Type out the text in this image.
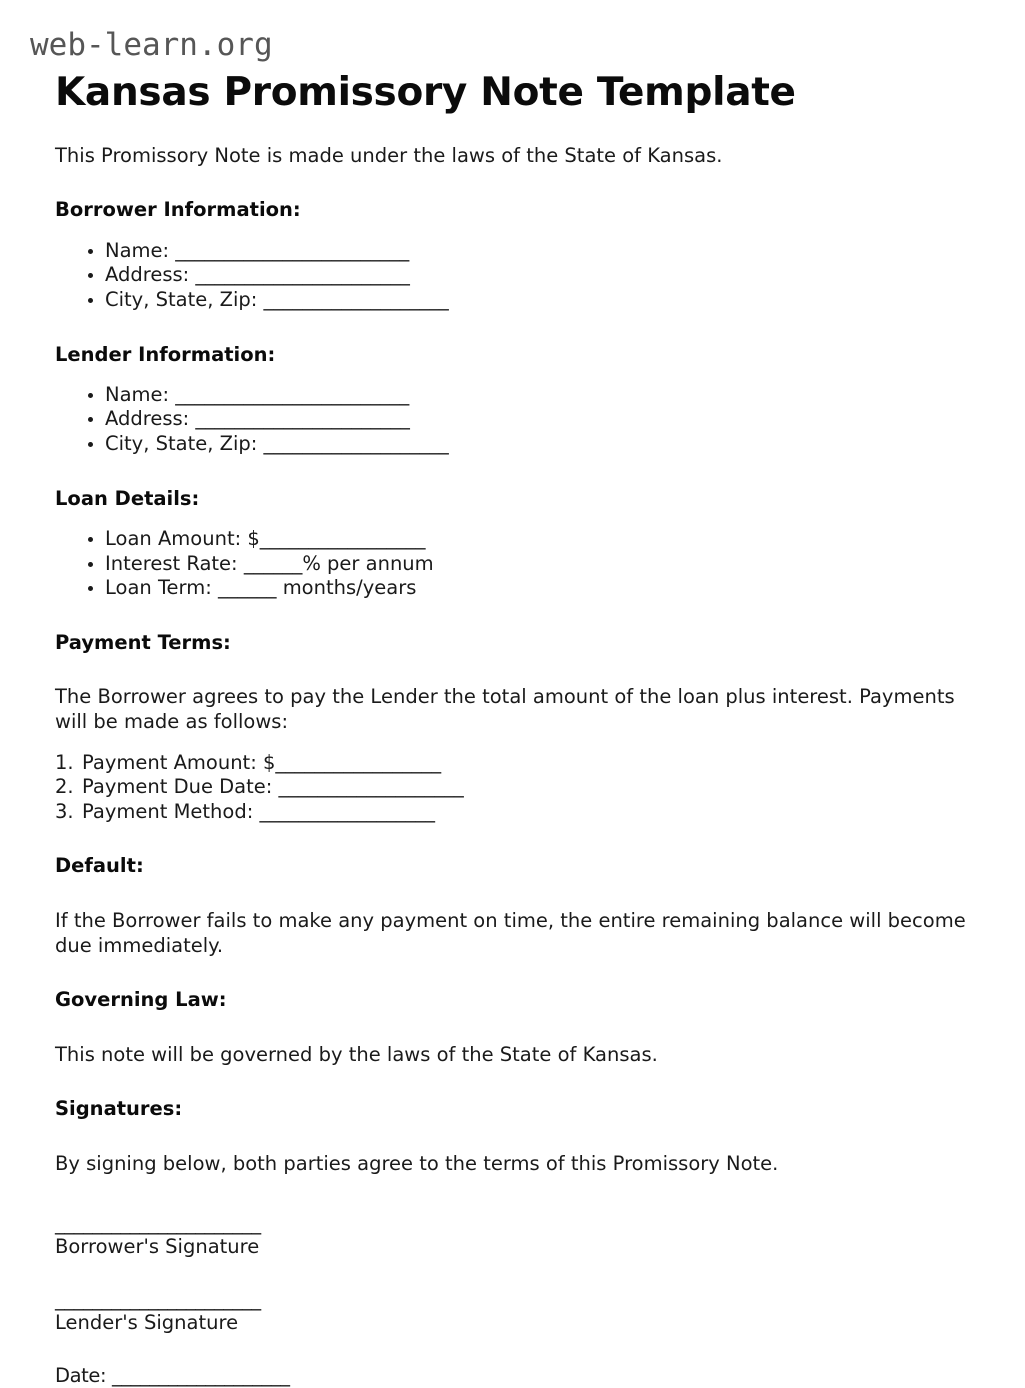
web-learn.org
Kansas Promissory Note Template

This Promissory Note is made under the laws of the State of Kansas.

Borrower Information:
Name: ________________________
Address: ______________________
City, State, Zip: ___________________
Lender Information:
Name: ________________________
Address: ______________________
City, State, Zip: ___________________
Loan Details:
Loan Amount: $_________________
Interest Rate: ______% per annum
Loan Term: ______ months/years
Payment Terms:

The Borrower agrees to pay the Lender the total amount of the loan plus interest. Payments will be made as follows:

1. Payment Amount: $_________________
2. Payment Due Date: ___________________
3. Payment Method: __________________
Default:

If the Borrower fails to make any payment on time, the entire remaining balance will become due immediately.

Governing Law:

This note will be governed by the laws of the State of Kansas.

Signatures:

By signing below, both parties agree to the terms of this Promissory Note.

______________________
Borrower's Signature
______________________
Lender's Signature
Date: ___________________
